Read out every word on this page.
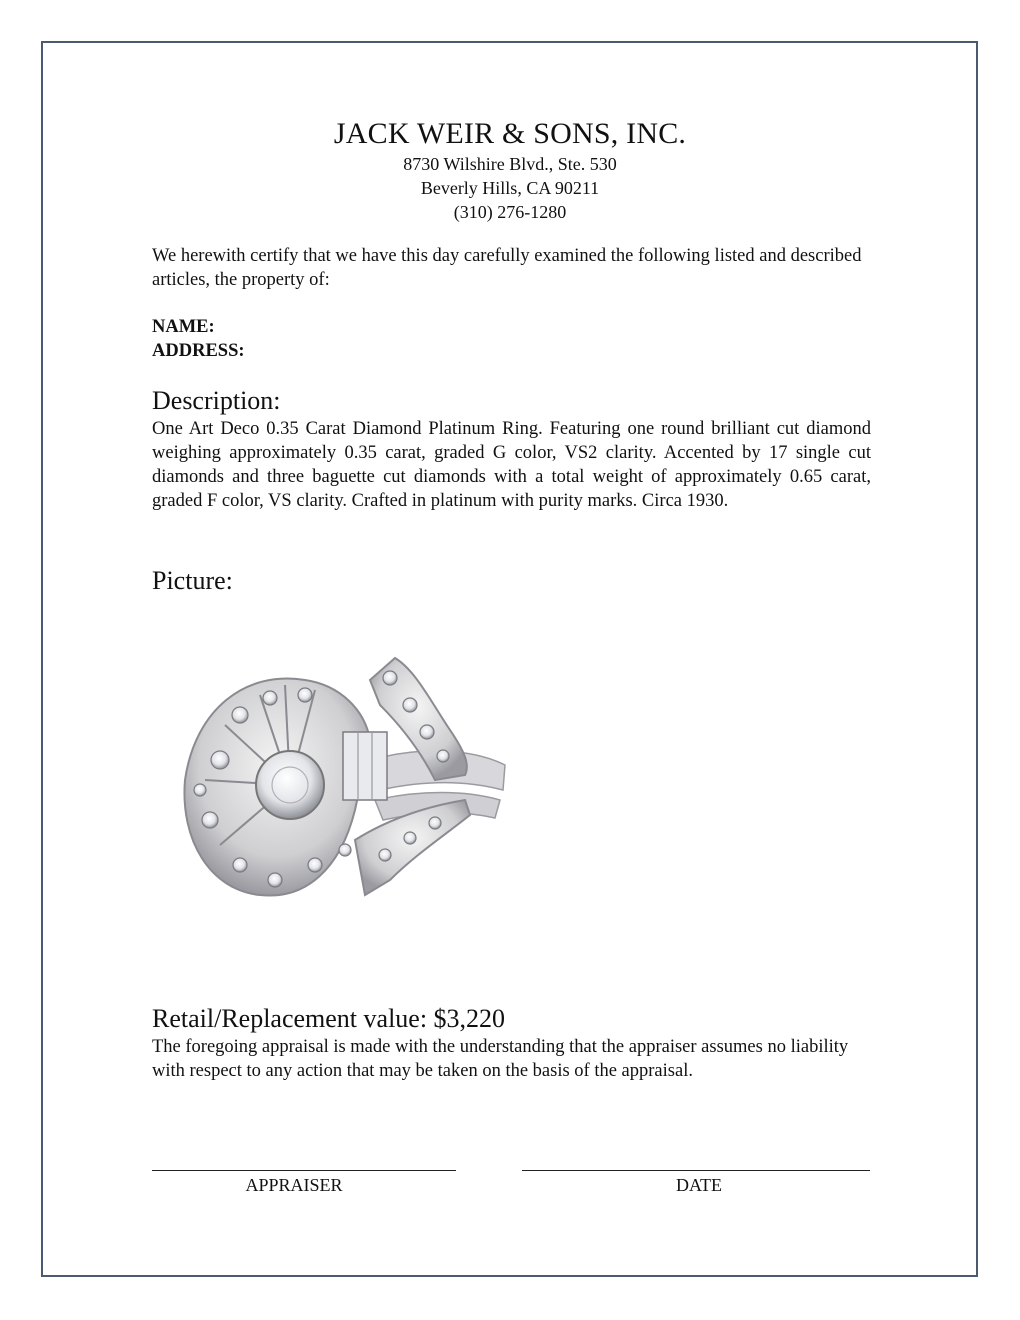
JACK WEIR & SONS, INC.
8730 Wilshire Blvd., Ste. 530
Beverly Hills, CA 90211
(310) 276-1280
We herewith certify that we have this day carefully examined the following listed and described articles, the property of:
NAME:
ADDRESS:
Description:
One Art Deco 0.35 Carat Diamond Platinum Ring. Featuring one round brilliant cut diamond weighing approximately 0.35 carat, graded G color, VS2 clarity. Accented by 17 single cut diamonds and three baguette cut diamonds with a total weight of approximately 0.65 carat, graded F color, VS clarity. Crafted in platinum with purity marks. Circa 1930.
Picture:
Retail/Replacement value: $3,220
The foregoing appraisal is made with the understanding that the appraiser assumes no liability with respect to any action that may be taken on the basis of the appraisal.
APPRAISER	DATE
